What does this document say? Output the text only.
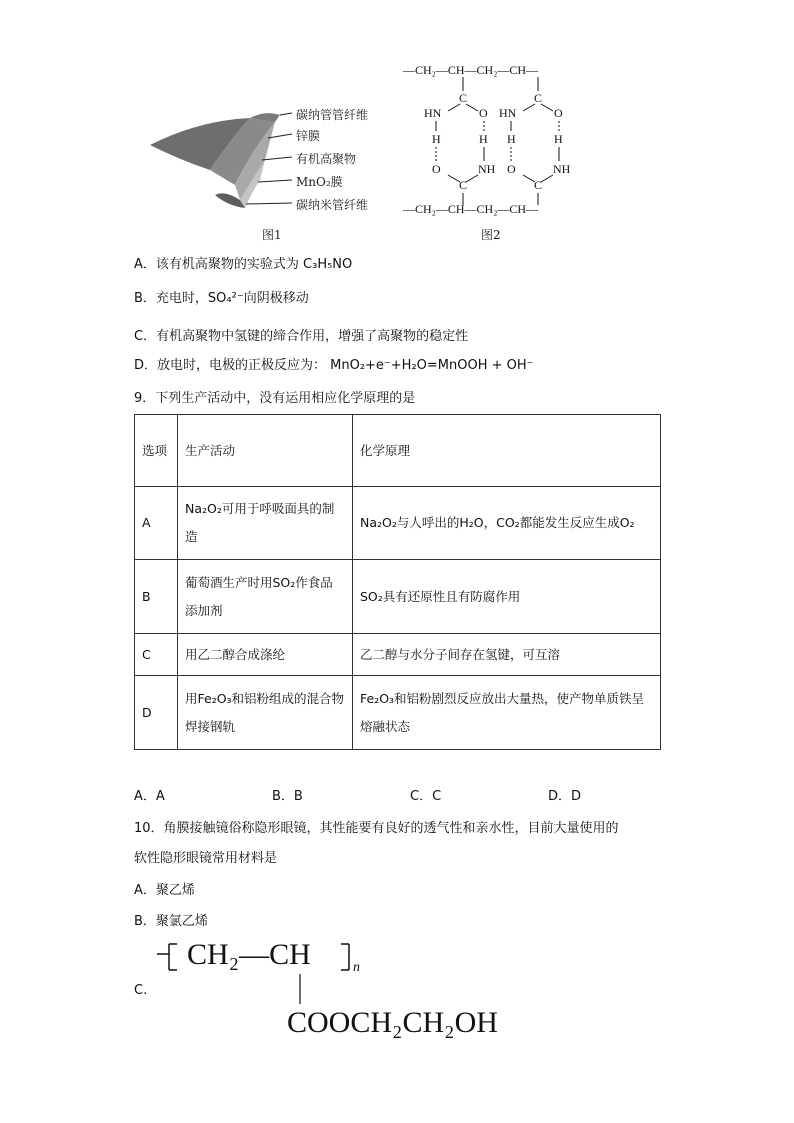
碳纳管管纤维
锌膜
有机高聚物
MnO₂膜
碳纳米管纤维
图1
—CH₂—CH—CH₂—CH—
C	C
HN	O HN	O
H	H H	H
O	NH O	NH
C	C
—CH₂—CH—CH₂—CH—
图2
A．该有机高聚物的实验式为 C₃H₅NO
B．充电时，SO₄²⁻向阴极移动
C．有机高聚物中氢键的缔合作用，增强了高聚物的稳定性
D．放电时，电极的正极反应为： MnO₂+e⁻+H₂O=MnOOH + OH⁻
9．下列生产活动中，没有运用相应化学原理的是
选项	生产活动	化学原理
A	Na₂O₂可用于呼吸面具的制造	Na₂O₂与人呼出的H₂O，CO₂都能发生反应生成O₂
B	葡萄酒生产时用SO₂作食品添加剂	SO₂具有还原性且有防腐作用
C	用乙二醇合成涤纶	乙二醇与水分子间存在氢键，可互溶
D	用Fe₂O₃和铝粉组成的混合物焊接钢轨	Fe₂O₃和铝粉剧烈反应放出大量热，使产物单质铁呈熔融状态
A．A	B．B	C．C	D．D
10．角膜接触镜俗称隐形眼镜，其性能要有良好的透气性和亲水性，目前大量使用的
软性隐形眼镜常用材料是
A．聚乙烯
B．聚氯乙烯
C.
CH₂—CH	n
COOCH₂CH₂OH
